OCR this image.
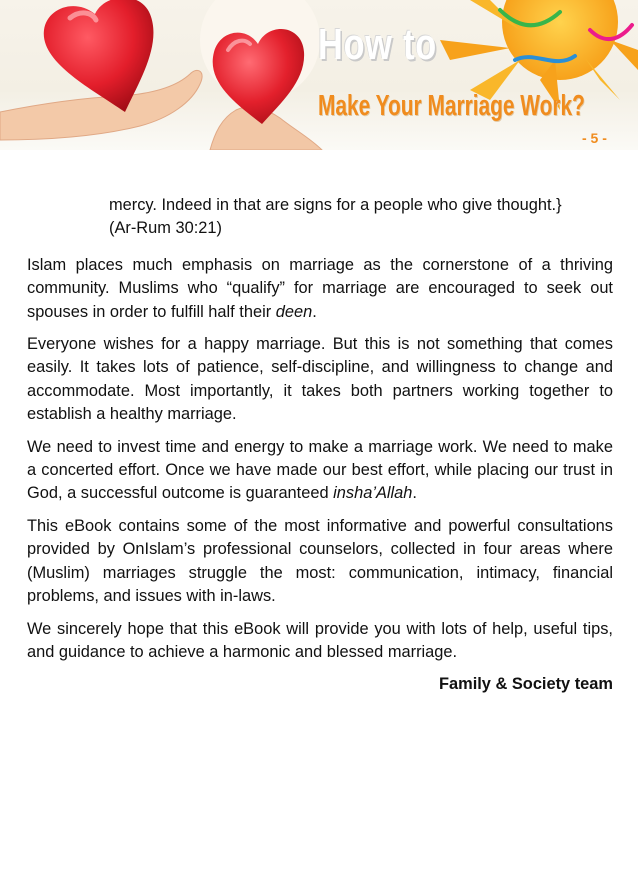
How to
Make Your Marriage Work?
- 5 -

mercy. Indeed in that are signs for a people who give thought.} (Ar-Rum 30:21)

Islam places much emphasis on marriage as the cornerstone of a thriving community. Muslims who “qualify” for marriage are encouraged to seek out spouses in order to fulfill half their deen.

Everyone wishes for a happy marriage. But this is not something that comes easily. It takes lots of patience, self-discipline, and willingness to change and accommodate. Most importantly, it takes both partners working together to establish a healthy marriage.

We need to invest time and energy to make a marriage work. We need to make a concerted effort. Once we have made our best effort, while placing our trust in God, a successful outcome is guaranteed insha’Allah.

This eBook contains some of the most informative and powerful consultations provided by OnIslam’s professional counselors, collected in four areas where (Muslim) marriages struggle the most: communication, intimacy, financial problems, and issues with in-laws.

We sincerely hope that this eBook will provide you with lots of help, useful tips, and guidance to achieve a harmonic and blessed marriage.

Family & Society team
